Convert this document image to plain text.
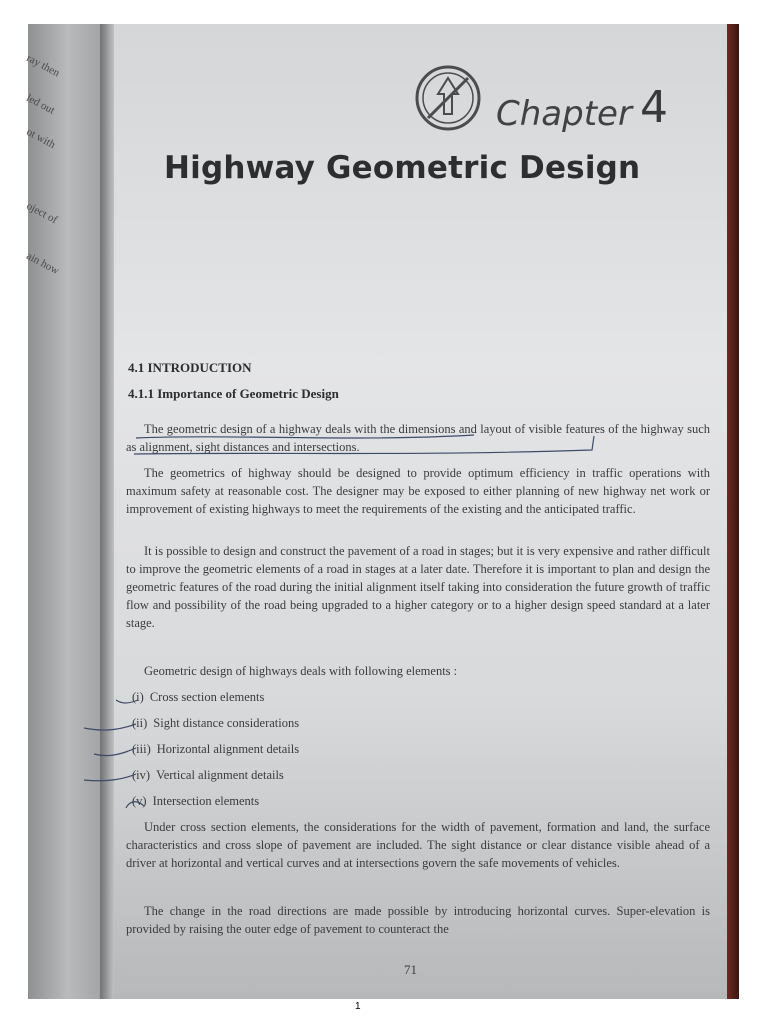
ray then
led out
ot with
oject of
ain how
Chapter 4
Highway Geometric Design
4.1 INTRODUCTION
4.1.1 Importance of Geometric Design

The geometric design of a highway deals with the dimensions and layout of visible features of the highway such as alignment, sight distances and intersections.

The geometrics of highway should be designed to provide optimum efficiency in traffic operations with maximum safety at reasonable cost. The designer may be exposed to either planning of new highway net work or improvement of existing highways to meet the requirements of the existing and the anticipated traffic.

It is possible to design and construct the pavement of a road in stages; but it is very expensive and rather difficult to improve the geometric elements of a road in stages at a later date. Therefore it is important to plan and design the geometric features of the road during the initial alignment itself taking into consideration the future growth of traffic flow and possibility of the road being upgraded to a higher category or to a higher design speed standard at a later stage.

Geometric design of highways deals with following elements :

(i) Cross section elements
(ii) Sight distance considerations
(iii) Horizontal alignment details
(iv) Vertical alignment details
(v) Intersection elements

Under cross section elements, the considerations for the width of pavement, formation and land, the surface characteristics and cross slope of pavement are included. The sight distance or clear distance visible ahead of a driver at horizontal and vertical curves and at intersections govern the safe movements of vehicles.

The change in the road directions are made possible by introducing horizontal curves. Super-elevation is provided by raising the outer edge of pavement to counteract the

71
1
